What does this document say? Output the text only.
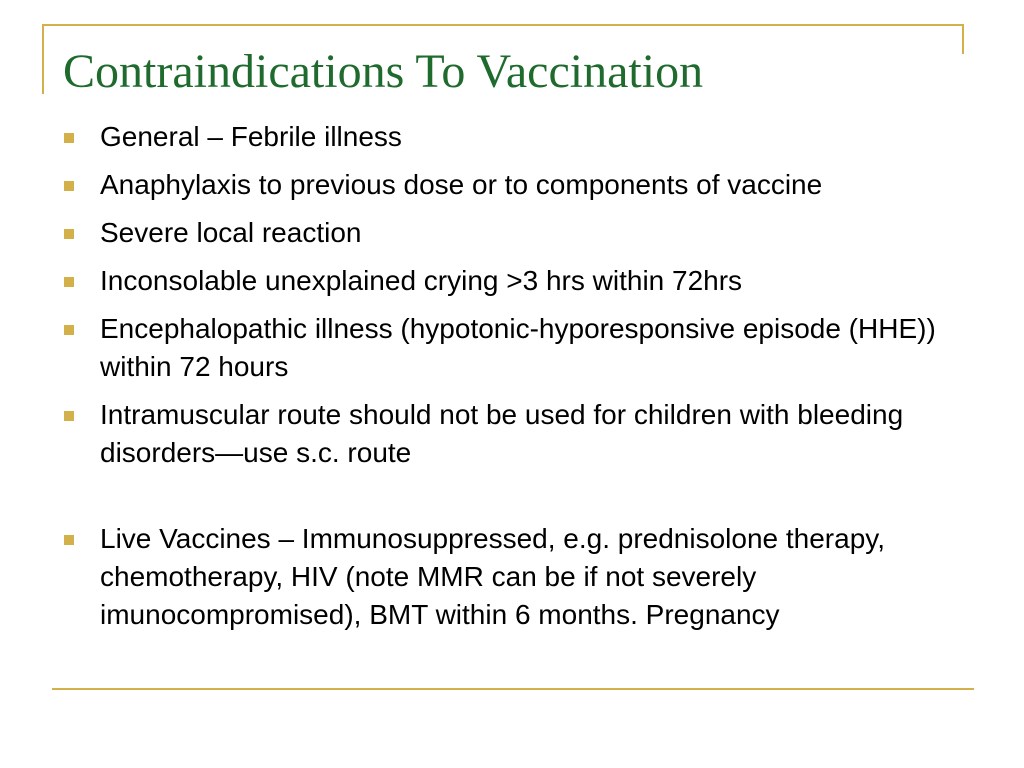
Contraindications To Vaccination
General – Febrile illness
Anaphylaxis to previous dose or to components of vaccine
Severe local reaction
Inconsolable unexplained crying >3 hrs within 72hrs
Encephalopathic illness (hypotonic-hyporesponsive episode (HHE)) within 72 hours
Intramuscular route should not be used for children with bleeding disorders—use s.c. route
Live Vaccines – Immunosuppressed, e.g. prednisolone therapy, chemotherapy, HIV (note MMR can be if not severely imunocompromised), BMT within 6 months. Pregnancy
